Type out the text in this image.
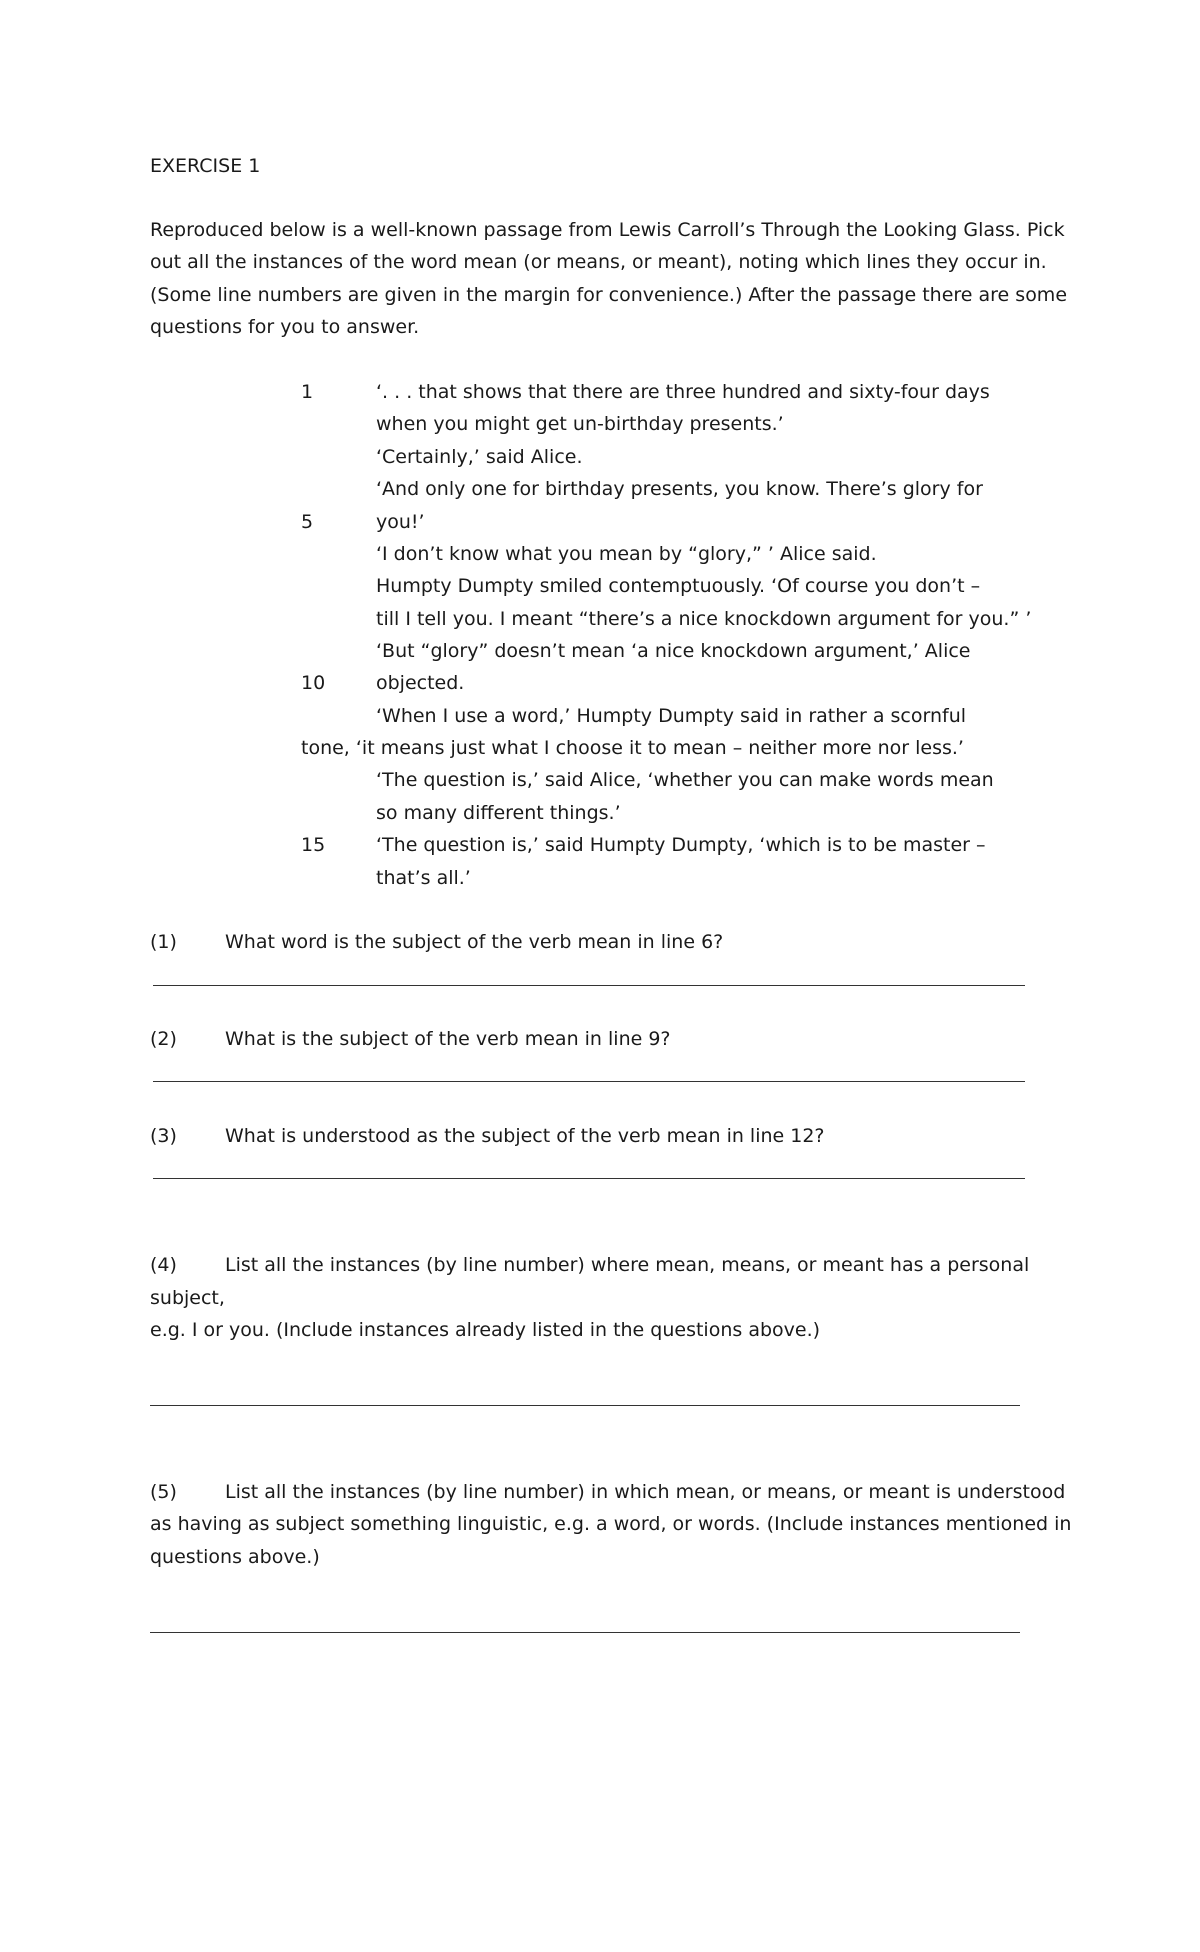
EXERCISE 1
Reproduced below is a well-known passage from Lewis Carroll’s Through the Looking Glass. Pick
out all the instances of the word mean (or means, or meant), noting which lines they occur in.
(Some line numbers are given in the margin for convenience.) After the passage there are some
questions for you to answer.
1	‘. . . that shows that there are three hundred and sixty-four days
when you might get un-birthday presents.’
‘Certainly,’ said Alice.
‘And only one for birthday presents, you know. There’s glory for
5	you!’
‘I don’t know what you mean by “glory,” ’ Alice said.
Humpty Dumpty smiled contemptuously. ‘Of course you don’t –
till I tell you. I meant “there’s a nice knockdown argument for you.” ’
‘But “glory” doesn’t mean ‘a nice knockdown argument,’ Alice
10	objected.
‘When I use a word,’ Humpty Dumpty said in rather a scornful
tone, ‘it means just what I choose it to mean – neither more nor less.’
‘The question is,’ said Alice, ‘whether you can make words mean
so many different things.’
15	‘The question is,’ said Humpty Dumpty, ‘which is to be master –
that’s all.’
(1)	What word is the subject of the verb mean in line 6?
(2)	What is the subject of the verb mean in line 9?
(3)	What is understood as the subject of the verb mean in line 12?
(4)	List all the instances (by line number) where mean, means, or meant has a personal
subject,
e.g. I or you. (Include instances already listed in the questions above.)
(5)	List all the instances (by line number) in which mean, or means, or meant is understood
as having as subject something linguistic, e.g. a word, or words. (Include instances mentioned in
questions above.)
